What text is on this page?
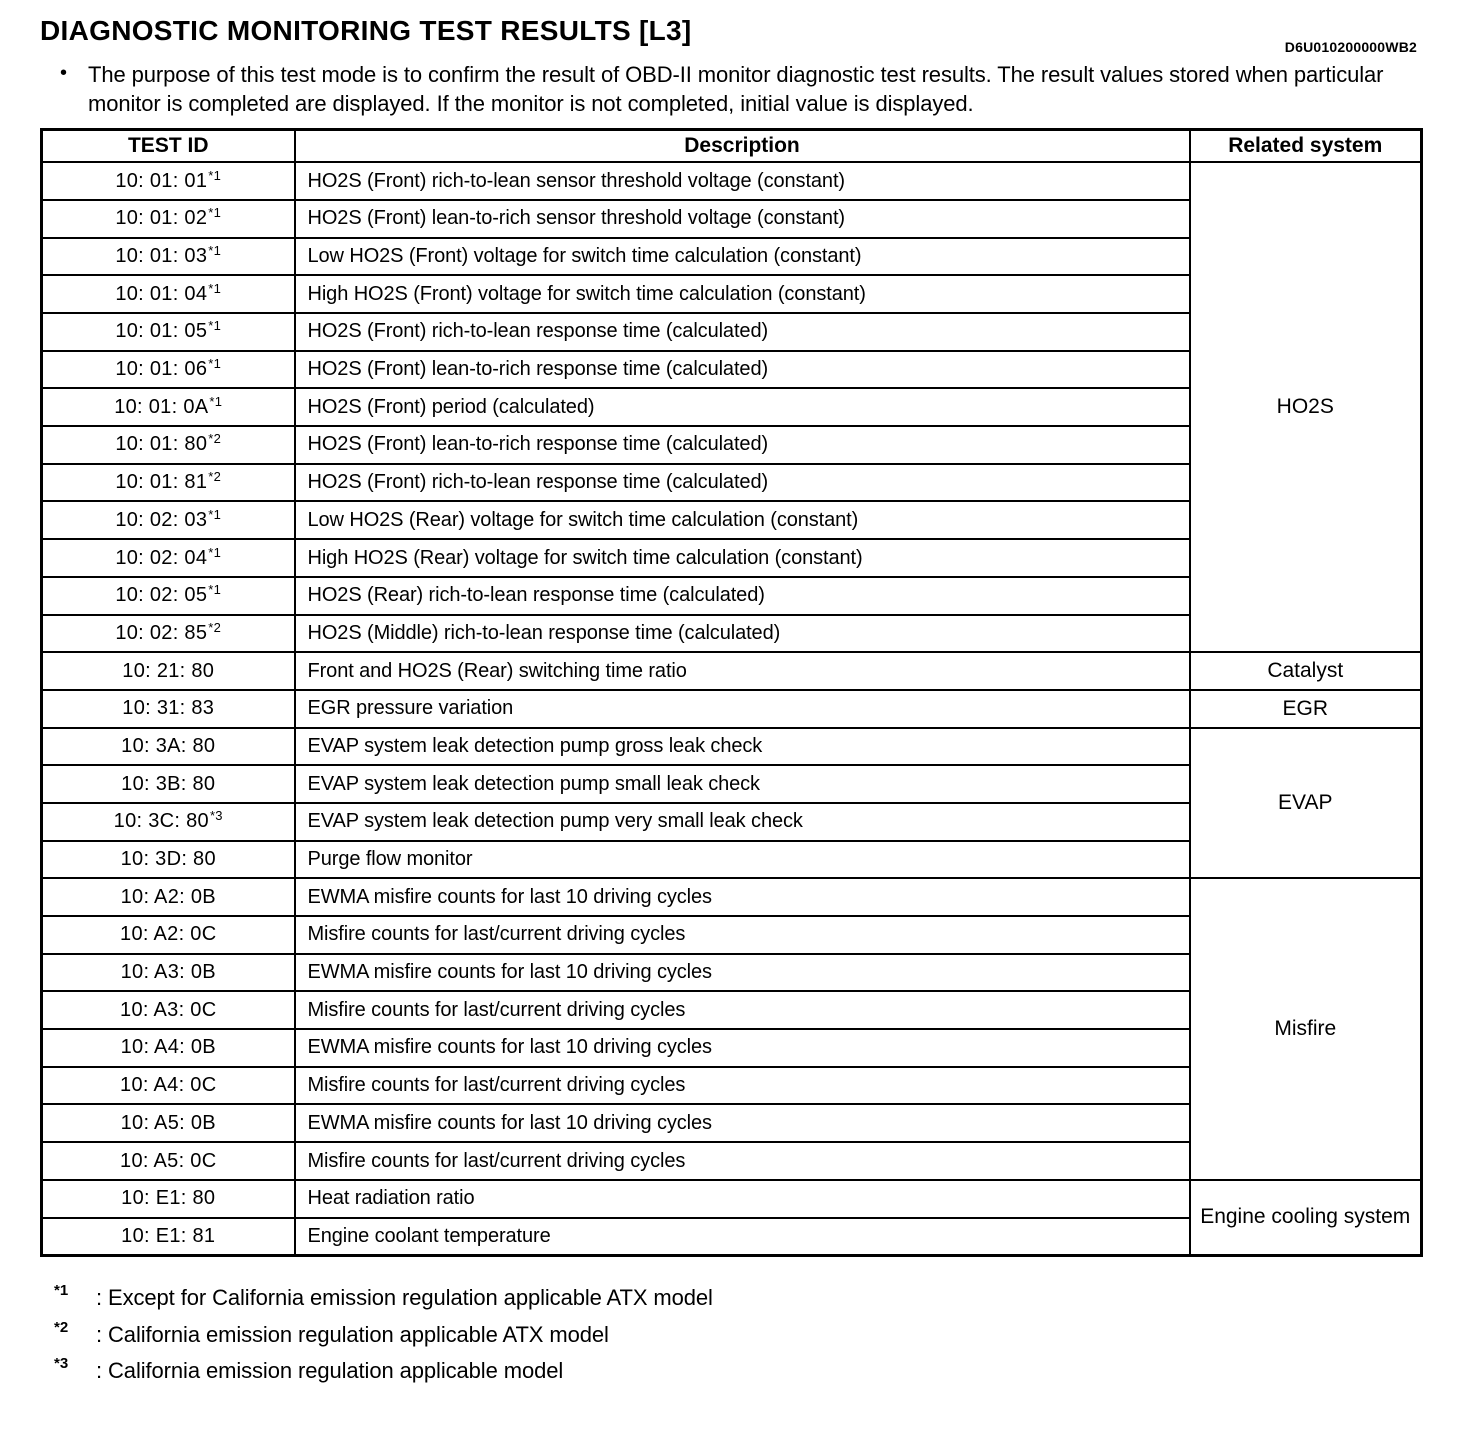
DIAGNOSTIC MONITORING TEST RESULTS [L3]
D6U010200000WB2
• The purpose of this test mode is to confirm the result of OBD-II monitor diagnostic test results. The result values stored when particular monitor is completed are displayed. If the monitor is not completed, initial value is displayed.

TEST ID	Description	Related system
10: 01: 01$^{*1}$	HO2S (Front) rich-to-lean sensor threshold voltage (constant)	HO2S
10: 01: 02$^{*1}$	HO2S (Front) lean-to-rich sensor threshold voltage (constant)	
10: 01: 03$^{*1}$	Low HO2S (Front) voltage for switch time calculation (constant)	
10: 01: 04$^{*1}$	High HO2S (Front) voltage for switch time calculation (constant)	
10: 01: 05$^{*1}$	HO2S (Front) rich-to-lean response time (calculated)	
10: 01: 06$^{*1}$	HO2S (Front) lean-to-rich response time (calculated)	
10: 01: $0A^{*1}$	HO2S (Front) period (calculated)	
10: 01: 80$^{*2}$	HO2S (Front) lean-to-rich response time (calculated)	
10: 01: 81$^{*2}$	HO2S (Front) rich-to-lean response time (calculated)	
10: 02: 03$^{*1}$	Low HO2S (Rear) voltage for switch time calculation (constant)	
10: 02: 04$^{*1}$	High HO2S (Rear) voltage for switch time calculation (constant)	
10: 02: 05$^{*1}$	HO2S (Rear) rich-to-lean response time (calculated)	
10: 02: 85$^{*2}$	HO2S (Middle) rich-to-lean response time (calculated)	
10: 21: 80	Front and HO2S (Rear) switching time ratio	Catalyst
10: 31: 83	EGR pressure variation	EGR
10: 3A: 80	EVAP system leak detection pump gross leak check	EVAP
10: 3B: 80	EVAP system leak detection pump small leak check	
10: 3C: 80$^{*3}$	EVAP system leak detection pump very small leak check	
10: 3D: 80	Purge flow monitor	
10: A2: 0B	EWMA misfire counts for last 10 driving cycles	Misfire
10: A2: 0C	Misfire counts for last/current driving cycles	
10: A3: 0B	EWMA misfire counts for last 10 driving cycles	
10: A3: 0C	Misfire counts for last/current driving cycles	
10: A4: 0B	EWMA misfire counts for last 10 driving cycles	
10: A4: 0C	Misfire counts for last/current driving cycles	
10: A5: 0B	EWMA misfire counts for last 10 driving cycles	
10: A5: 0C	Misfire counts for last/current driving cycles	
10: E1: 80	Heat radiation ratio	Engine cooling system
10: E1: 81	Engine coolant temperature	
*1	: Except for California emission regulation applicable ATX model
*2	: California emission regulation applicable ATX model
*3	: California emission regulation applicable model
